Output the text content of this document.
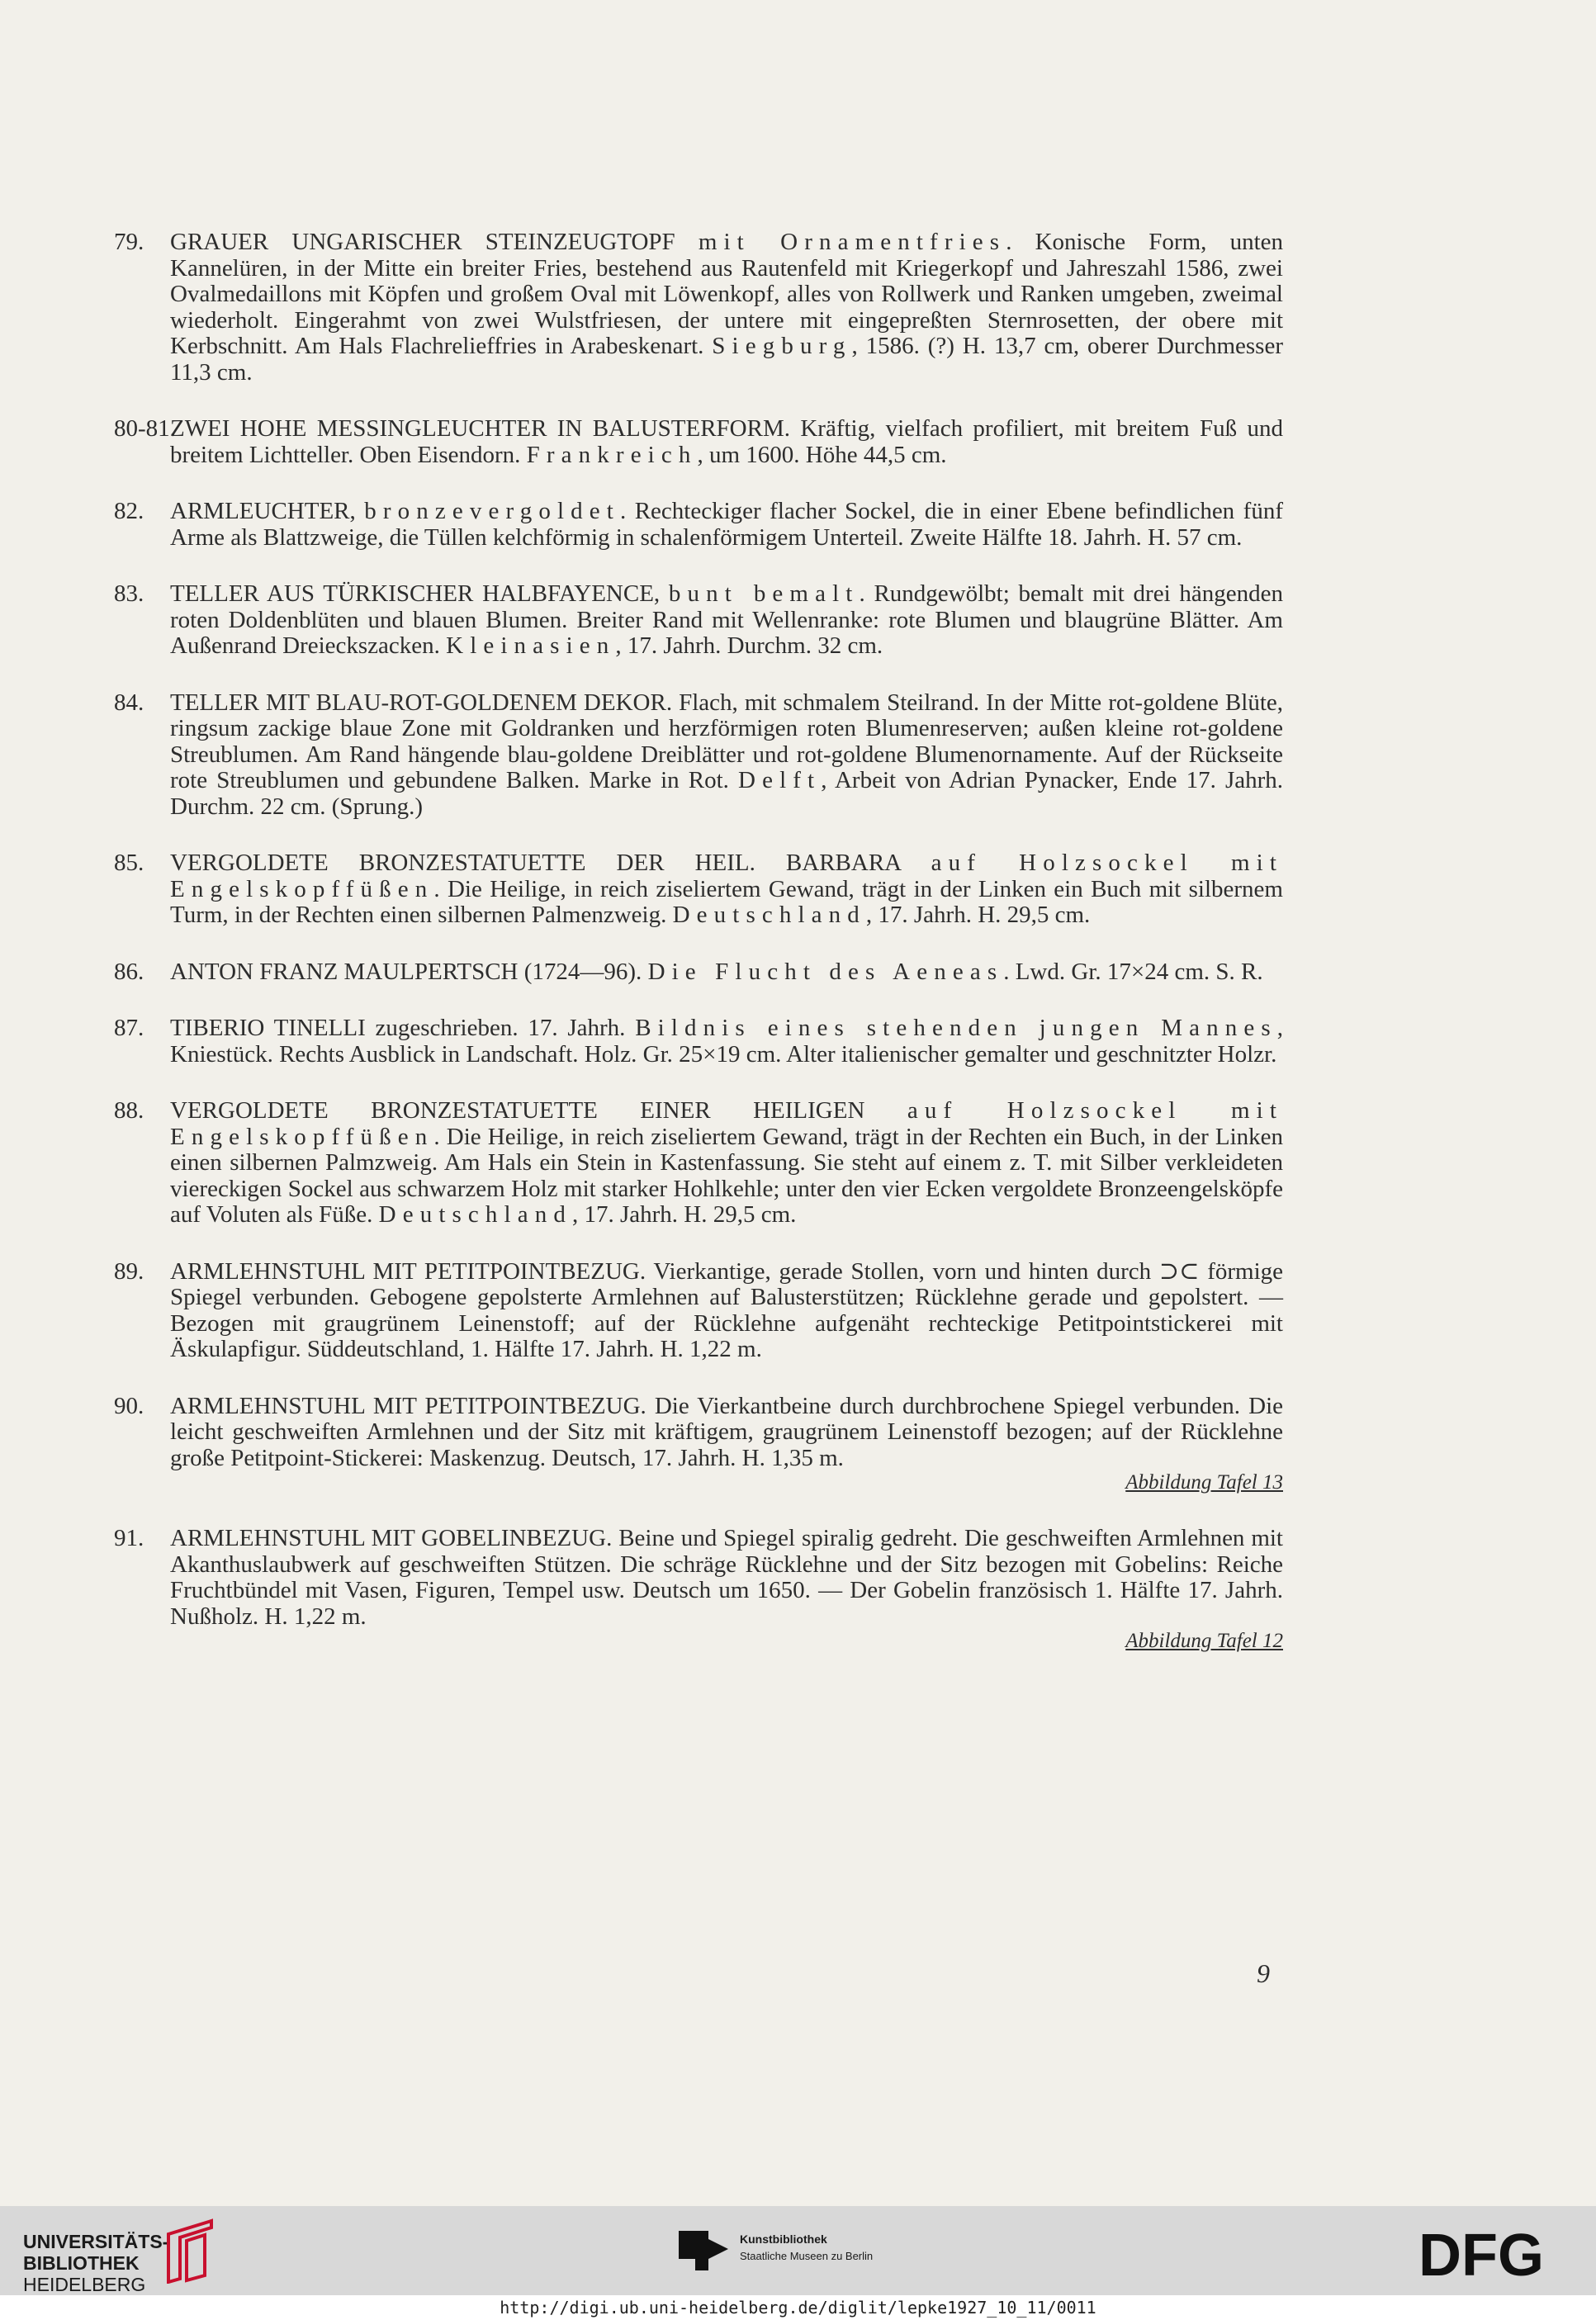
79. GRAUER UNGARISCHER STEINZEUGTOPF mit Ornamentfries. Konische Form, unten Kannelüren, in der Mitte ein breiter Fries, bestehend aus Rautenfeld mit Kriegerkopf und Jahreszahl 1586, zwei Ovalmedaillons mit Köpfen und großem Oval mit Löwenkopf, alles von Rollwerk und Ranken umgeben, zweimal wiederholt. Eingerahmt von zwei Wulstfriesen, der untere mit eingepreßten Sternrosetten, der obere mit Kerbschnitt. Am Hals Flachrelieffries in Arabeskenart. Siegburg, 1586. (?) H. 13,7 cm, oberer Durchmesser 11,3 cm.
80-81.
ZWEI HOHE MESSINGLEUCHTER IN BALUSTERFORM. Kräftig, vielfach profiliert, mit breitem Fuß und breitem Lichtteller. Oben Eisendorn. Frankreich, um 1600. Höhe 44,5 cm.
82. ARMLEUCHTER, bronzevergoldet. Rechteckiger flacher Sockel, die in einer Ebene befindlichen fünf Arme als Blattzweige, die Tüllen kelchförmig in schalenförmigem Unterteil. Zweite Hälfte 18. Jahrh. H. 57 cm.
83. TELLER AUS TÜRKISCHER HALBFAYENCE, bunt bemalt. Rundgewölbt; bemalt mit drei hängenden roten Doldenblüten und blauen Blumen. Breiter Rand mit Wellenranke: rote Blumen und blaugrüne Blätter. Am Außenrand Dreieckszacken. Kleinasien, 17. Jahrh. Durchm. 32 cm.
84. TELLER MIT BLAU-ROT-GOLDENEM DEKOR. Flach, mit schmalem Steilrand. In der Mitte rot-goldene Blüte, ringsum zackige blaue Zone mit Goldranken und herzförmigen roten Blumenreserven; außen kleine rot-goldene Streublumen. Am Rand hängende blau-goldene Dreiblätter und rot-goldene Blumenornamente. Auf der Rückseite rote Streublumen und gebundene Balken. Marke in Rot. Delft, Arbeit von Adrian Pynacker, Ende 17. Jahrh. Durchm. 22 cm. (Sprung.)
85. VERGOLDETE BRONZESTATUETTE DER HEIL. BARBARA auf Holzsockel mit Engelskopffüßen. Die Heilige, in reich ziseliertem Gewand, trägt in der Linken ein Buch mit silbernem Turm, in der Rechten einen silbernen Palmenzweig. Deutschland, 17. Jahrh. H. 29,5 cm.
86. ANTON FRANZ MAULPERTSCH (1724—96). Die Flucht des Aeneas. Lwd. Gr. 17×24 cm. S. R.
87. TIBERIO TINELLI zugeschrieben. 17. Jahrh. Bildnis eines stehenden jungen Mannes, Kniestück. Rechts Ausblick in Landschaft. Holz. Gr. 25×19 cm. Alter italienischer gemalter und geschnitzter Holzr.
88. VERGOLDETE BRONZESTATUETTE EINER HEILIGEN auf Holzsockel mit Engelskopffüßen. Die Heilige, in reich ziseliertem Gewand, trägt in der Rechten ein Buch, in der Linken einen silbernen Palmzweig. Am Hals ein Stein in Kastenfassung. Sie steht auf einem z. T. mit Silber verkleideten viereckigen Sockel aus schwarzem Holz mit starker Hohlkehle; unter den vier Ecken vergoldete Bronzeengelsköpfe auf Voluten als Füße. Deutschland, 17. Jahrh. H. 29,5 cm.
89. ARMLEHNSTUHL MIT PETITPOINTBEZUG. Vierkantige, gerade Stollen, vorn und hinten durch ⊃⊂ förmige Spiegel verbunden. Gebogene gepolsterte Armlehnen auf Balusterstützen; Rücklehne gerade und gepolstert. — Bezogen mit graugrünem Leinenstoff; auf der Rücklehne aufgenäht rechteckige Petitpointstickerei mit Äskulapfigur. Süddeutschland, 1. Hälfte 17. Jahrh. H. 1,22 m.
90. ARMLEHNSTUHL MIT PETITPOINTBEZUG. Die Vierkantbeine durch durchbrochene Spiegel verbunden. Die leicht geschweiften Armlehnen und der Sitz mit kräftigem, graugrünem Leinenstoff bezogen; auf der Rücklehne große Petitpoint-Stickerei: Maskenzug. Deutsch, 17. Jahrh. H. 1,35 m.
Abbildung Tafel 13
91. ARMLEHNSTUHL MIT GOBELINBEZUG. Beine und Spiegel spiralig gedreht. Die geschweiften Armlehnen mit Akanthuslaubwerk auf geschweiften Stützen. Die schräge Rücklehne und der Sitz bezogen mit Gobelins: Reiche Fruchtbündel mit Vasen, Figuren, Tempel usw. Deutsch um 1650. — Der Gobelin französisch 1. Hälfte 17. Jahrh. Nußholz. H. 1,22 m.
Abbildung Tafel 12
9
UNIVERSITÄTS-
BIBLIOTHEK
HEIDELBERG
Kunstbibliothek
Staatliche Museen zu Berlin	DFG
http://digi.ub.uni-heidelberg.de/diglit/lepke1927_10_11/0011
